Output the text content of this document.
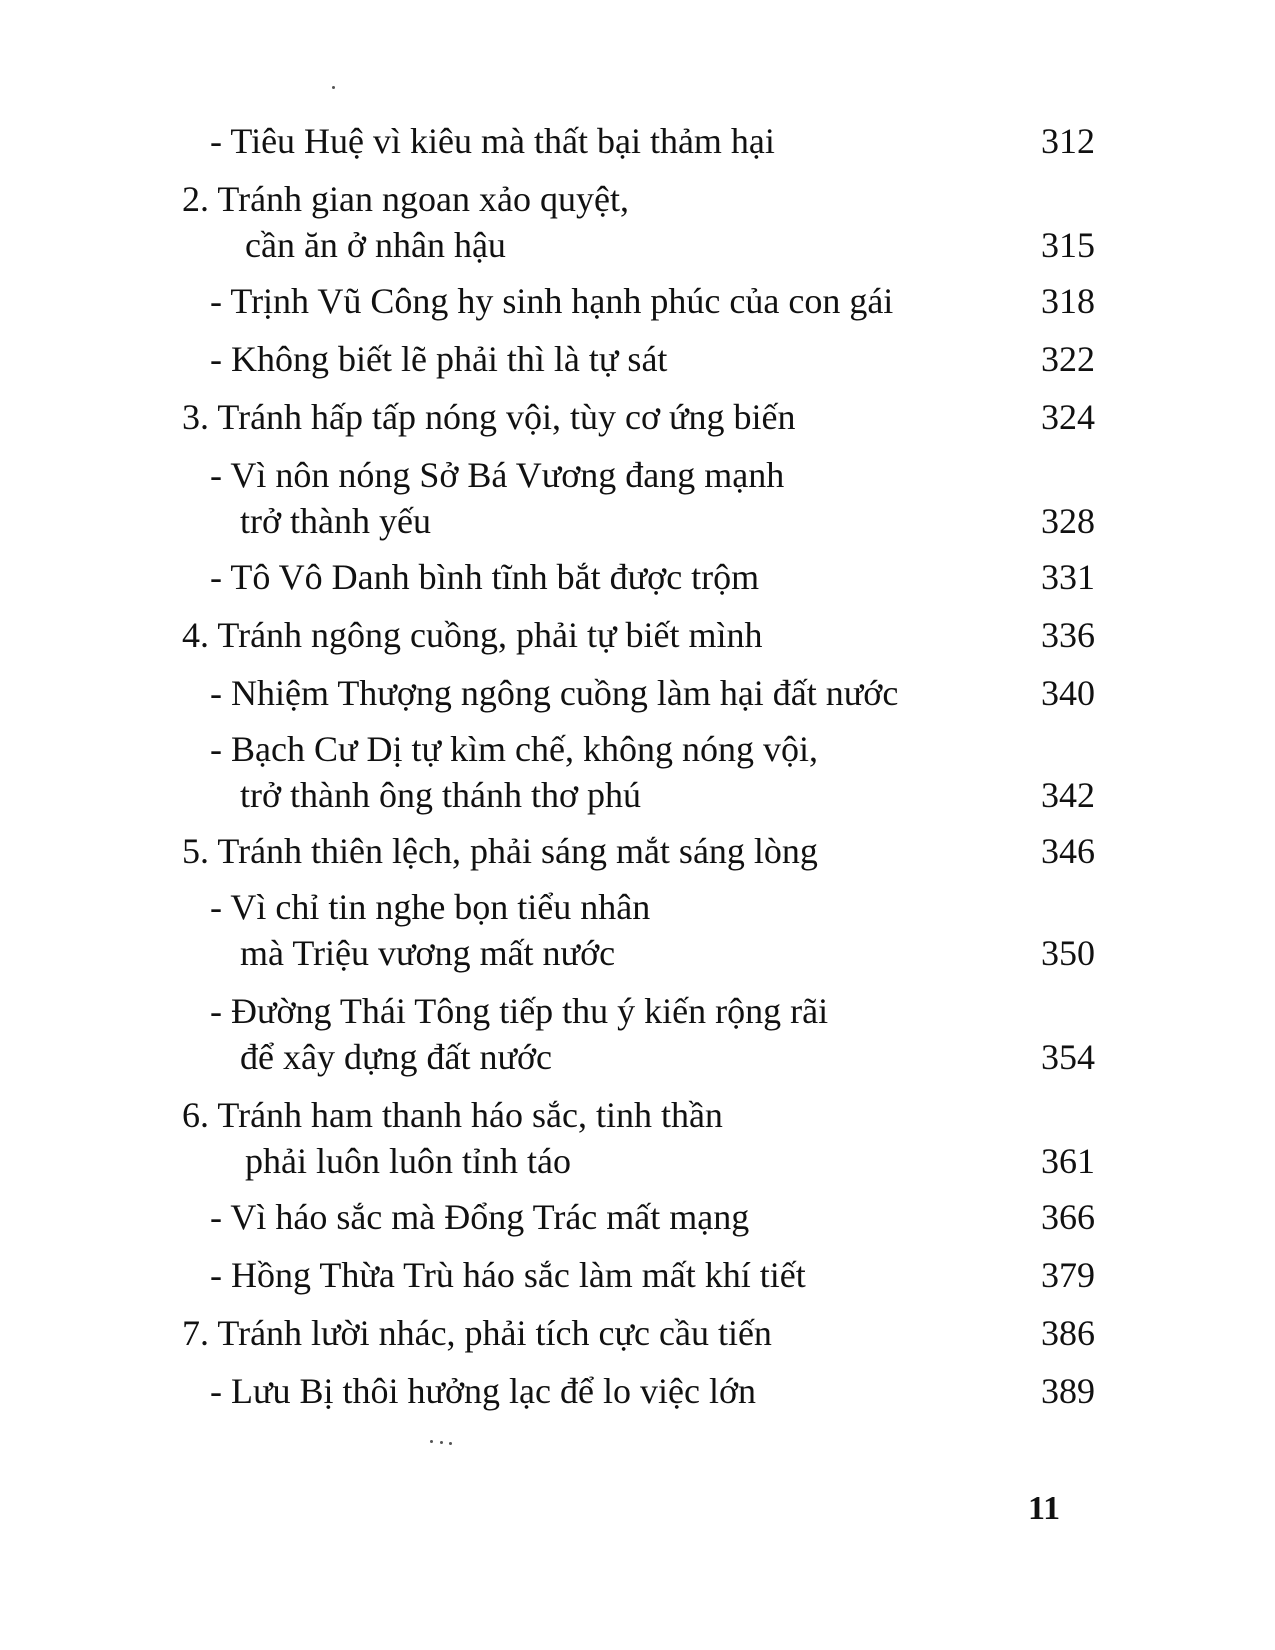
- Tiêu Huệ vì kiêu mà thất bại thảm hại	312
2. Tránh gian ngoan xảo quyệt,
cần ăn ở nhân hậu	315
- Trịnh Vũ Công hy sinh hạnh phúc của con gái	318
- Không biết lẽ phải thì là tự sát	322
3. Tránh hấp tấp nóng vội, tùy cơ ứng biến	324
- Vì nôn nóng Sở Bá Vương đang mạnh
trở thành yếu	328
- Tô Vô Danh bình tĩnh bắt được trộm	331
4. Tránh ngông cuồng, phải tự biết mình	336
- Nhiệm Thượng ngông cuồng làm hại đất nước	340
- Bạch Cư Dị tự kìm chế, không nóng vội,
trở thành ông thánh thơ phú	342
5. Tránh thiên lệch, phải sáng mắt sáng lòng	346
- Vì chỉ tin nghe bọn tiểu nhân
mà Triệu vương mất nước	350
- Đường Thái Tông tiếp thu ý kiến rộng rãi
để xây dựng đất nước	354
6. Tránh ham thanh háo sắc, tinh thần
phải luôn luôn tỉnh táo	361
- Vì háo sắc mà Đổng Trác mất mạng	366
- Hồng Thừa Trù háo sắc làm mất khí tiết	379
7. Tránh lười nhác, phải tích cực cầu tiến	386
- Lưu Bị thôi hưởng lạc để lo việc lớn	389
11
